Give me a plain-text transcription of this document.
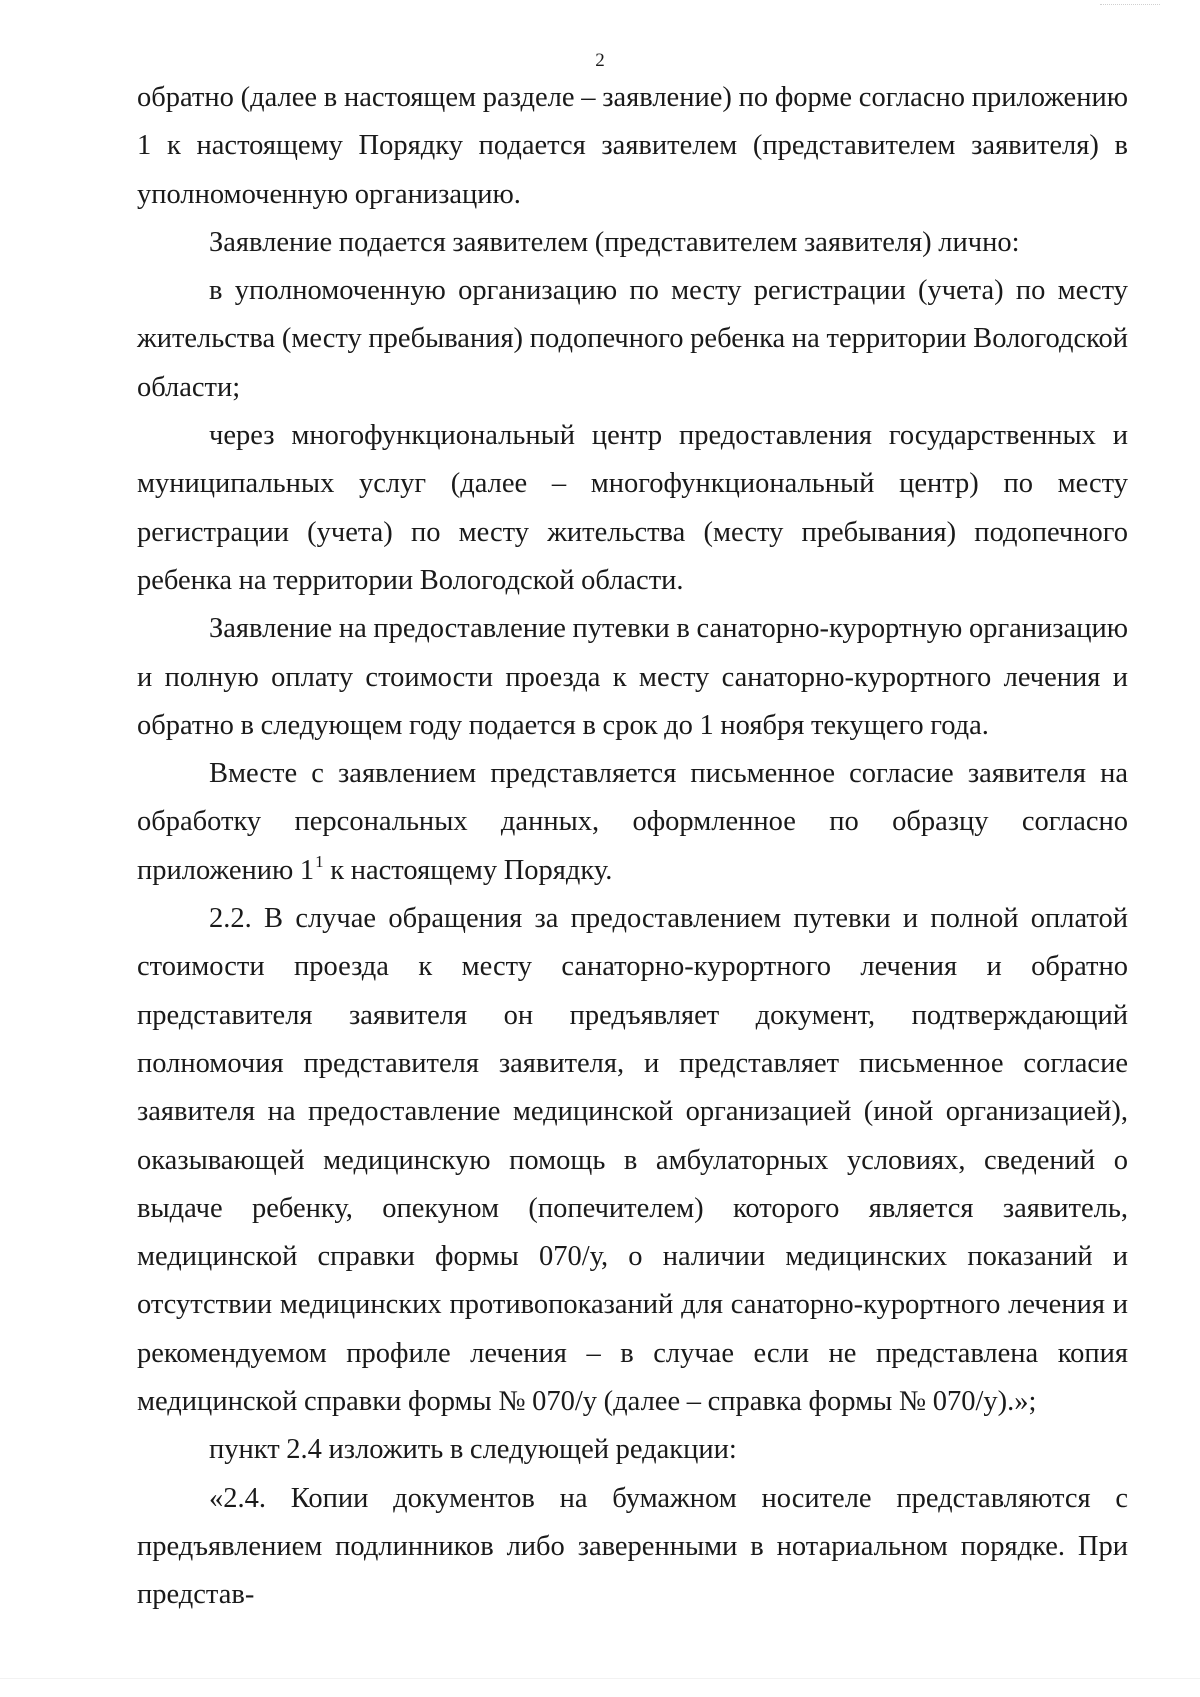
2

обратно (далее в настоящем разделе – заявление) по форме согласно приложению 1 к настоящему Порядку подается заявителем (представителем заявителя) в уполномоченную организацию.

Заявление подается заявителем (представителем заявителя) лично:

в уполномоченную организацию по месту регистрации (учета) по месту жительства (месту пребывания) подопечного ребенка на территории Вологодской области;

через многофункциональный центр предоставления государственных и муниципальных услуг (далее – многофункциональный центр) по месту регистрации (учета) по месту жительства (месту пребывания) подопечного ребенка на территории Вологодской области.

Заявление на предоставление путевки в санаторно-курортную организацию и полную оплату стоимости проезда к месту санаторно-курортного лечения и обратно в следующем году подается в срок до 1 ноября текущего года.

Вместе с заявлением представляется письменное согласие заявителя на обработку персональных данных, оформленное по образцу согласно приложению $1^1$ к настоящему Порядку.

2.2. В случае обращения за предоставлением путевки и полной оплатой стоимости проезда к месту санаторно-курортного лечения и обратно представителя заявителя он предъявляет документ, подтверждающий полномочия представителя заявителя, и представляет письменное согласие заявителя на предоставление медицинской организацией (иной организацией), оказывающей медицинскую помощь в амбулаторных условиях, сведений о выдаче ребенку, опекуном (попечителем) которого является заявитель, медицинской справки формы 070/у, о наличии медицинских показаний и отсутствии медицинских противопоказаний для санаторно-курортного лечения и рекомендуемом профиле лечения – в случае если не представлена копия медицинской справки формы № 070/у (далее – справка формы № 070/у).»;

пункт 2.4 изложить в следующей редакции:

«2.4. Копии документов на бумажном носителе представляются с предъявлением подлинников либо заверенными в нотариальном порядке. При представ-
